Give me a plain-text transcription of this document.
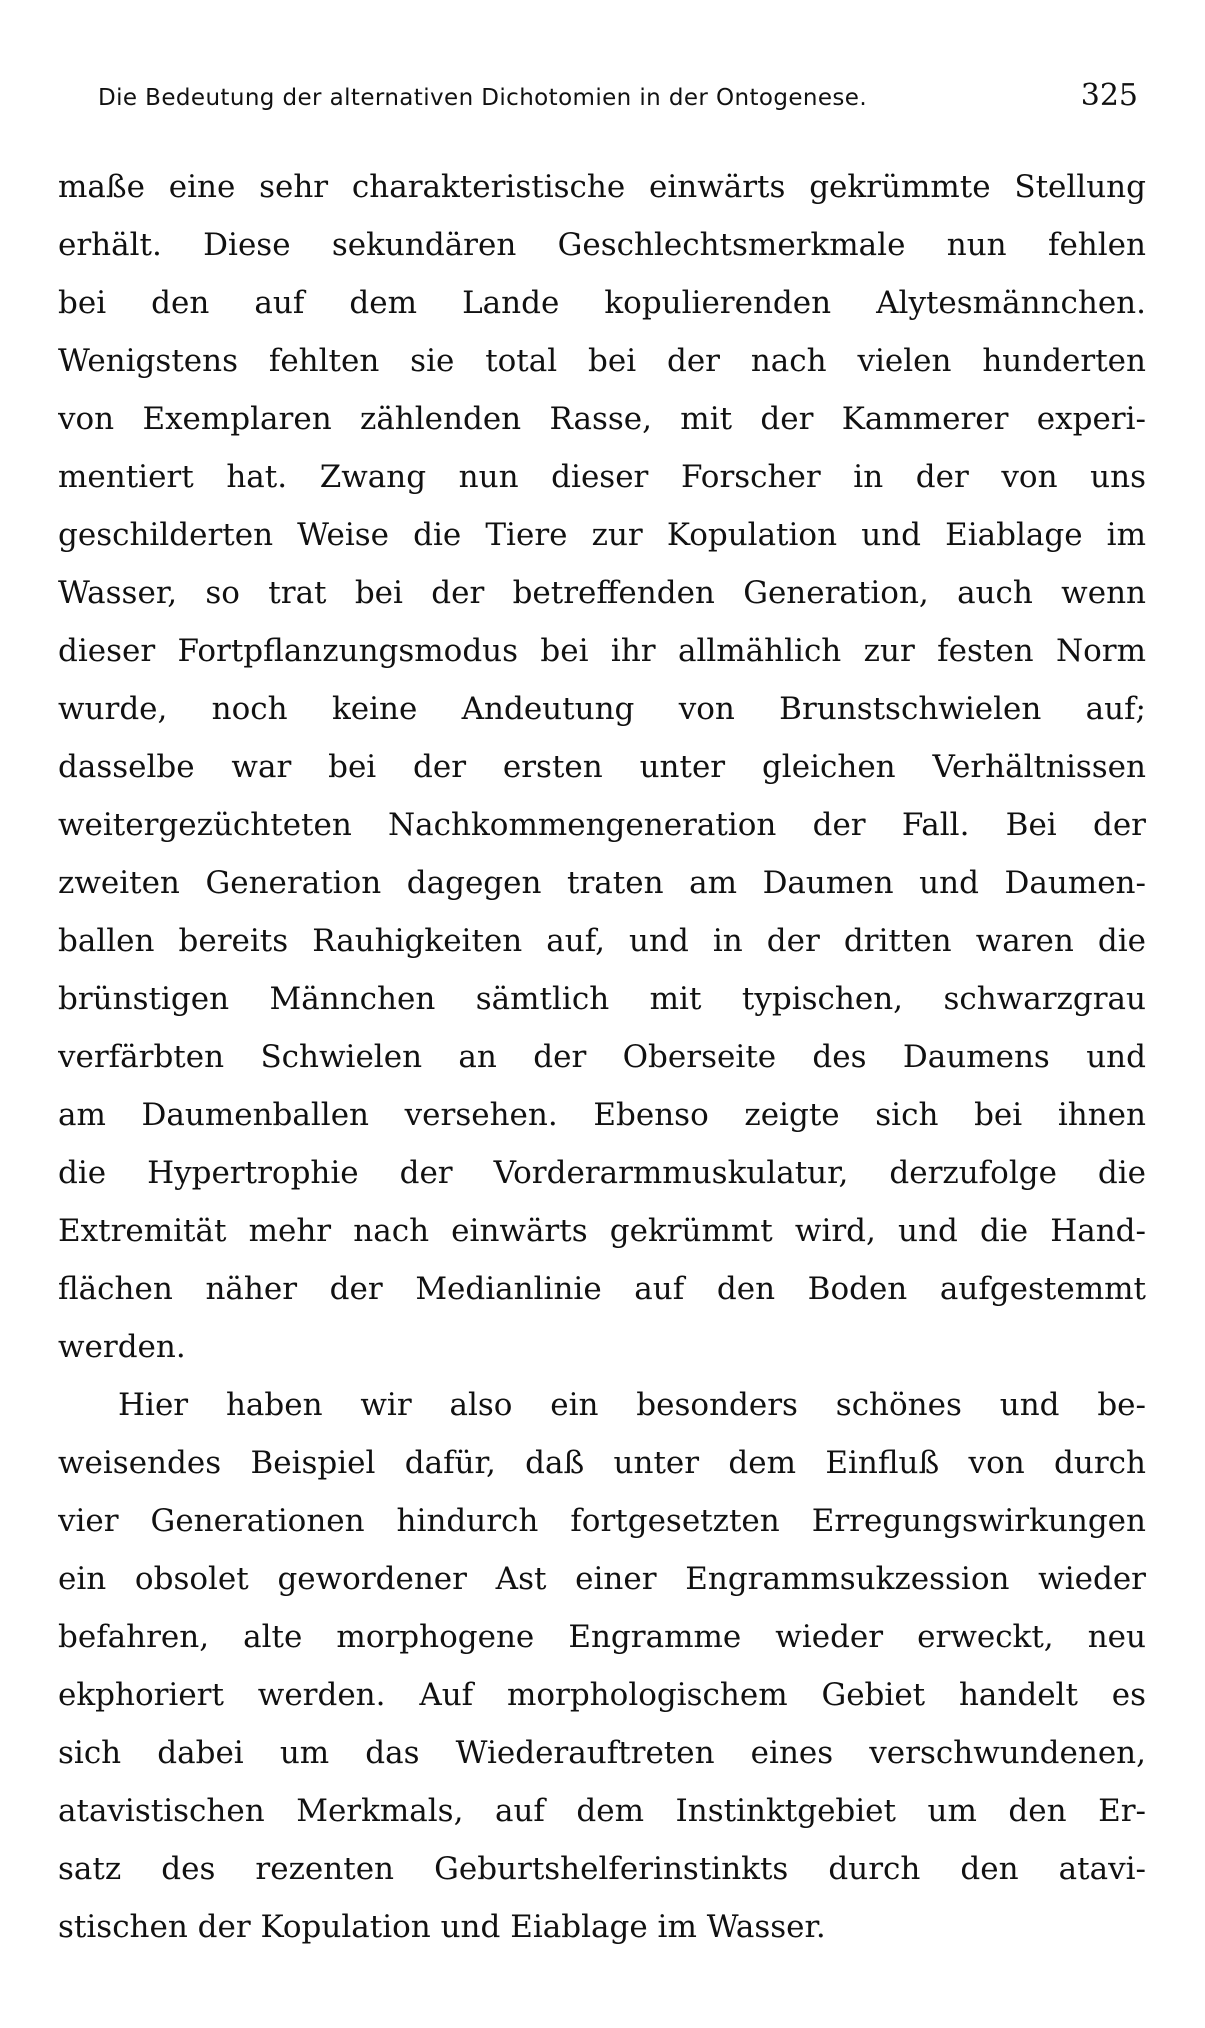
Die Bedeutung der alternativen Dichotomien in der Ontogenese.	325
maße eine sehr charakteristische einwärts gekrümmte Stellung
erhält. Diese sekundären Geschlechtsmerkmale nun fehlen
bei den auf dem Lande kopulierenden Alytesmännchen.
Wenigstens fehlten sie total bei der nach vielen hunderten
von Exemplaren zählenden Rasse, mit der Kammerer experi-
mentiert hat. Zwang nun dieser Forscher in der von uns
geschilderten Weise die Tiere zur Kopulation und Eiablage im
Wasser, so trat bei der betreffenden Generation, auch wenn
dieser Fortpflanzungsmodus bei ihr allmählich zur festen Norm
wurde, noch keine Andeutung von Brunstschwielen auf;
dasselbe war bei der ersten unter gleichen Verhältnissen
weitergezüchteten Nachkommengeneration der Fall. Bei der
zweiten Generation dagegen traten am Daumen und Daumen-
ballen bereits Rauhigkeiten auf, und in der dritten waren die
brünstigen Männchen sämtlich mit typischen, schwarzgrau
verfärbten Schwielen an der Oberseite des Daumens und
am Daumenballen versehen. Ebenso zeigte sich bei ihnen
die Hypertrophie der Vorderarmmuskulatur, derzufolge die
Extremität mehr nach einwärts gekrümmt wird, und die Hand-
flächen näher der Medianlinie auf den Boden aufgestemmt
werden.
Hier haben wir also ein besonders schönes und be-
weisendes Beispiel dafür, daß unter dem Einfluß von durch
vier Generationen hindurch fortgesetzten Erregungswirkungen
ein obsolet gewordener Ast einer Engrammsukzession wieder
befahren, alte morphogene Engramme wieder erweckt, neu
ekphoriert werden. Auf morphologischem Gebiet handelt es
sich dabei um das Wiederauftreten eines verschwundenen,
atavistischen Merkmals, auf dem Instinktgebiet um den Er-
satz des rezenten Geburtshelferinstinkts durch den atavi-
stischen der Kopulation und Eiablage im Wasser.
